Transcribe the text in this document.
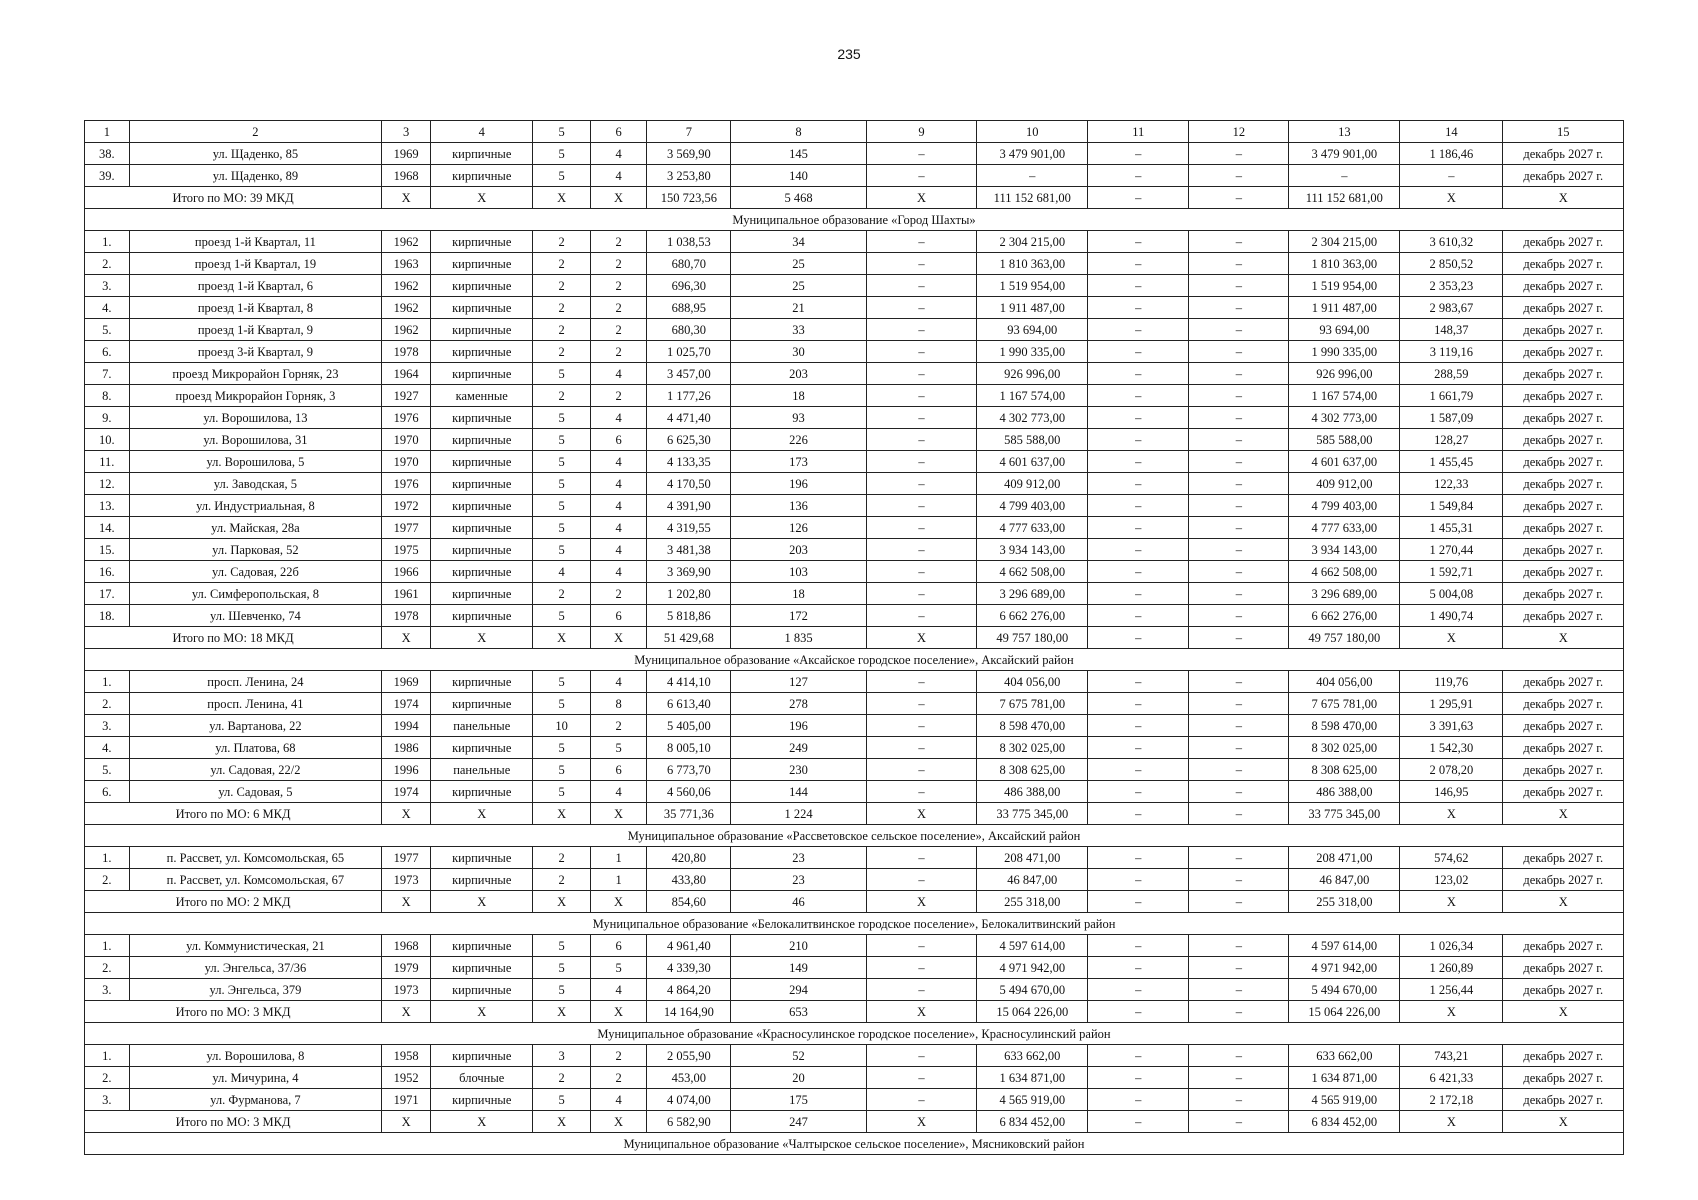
235
1	2	3	4	5	6	7	8	9	10	11	12	13	14	15
38.	ул. Щаденко, 85	1969	кирпичные	5	4	3 569,90	145	–	3 479 901,00	–	–	3 479 901,00	1 186,46	декабрь 2027 г.
39.	ул. Щаденко, 89	1968	кирпичные	5	4	3 253,80	140	–	–	–	–	–	–	декабрь 2027 г.
Итого по МО: 39 МКД		X	X	X	X	150 723,56	5 468	X	111 152 681,00	–	–	111 152 681,00	X	X
Муниципальное образование «Город Шахты»														
1.	проезд 1-й Квартал, 11	1962	кирпичные	2	2	1 038,53	34	–	2 304 215,00	–	–	2 304 215,00	3 610,32	декабрь 2027 г.
2.	проезд 1-й Квартал, 19	1963	кирпичные	2	2	680,70	25	–	1 810 363,00	–	–	1 810 363,00	2 850,52	декабрь 2027 г.
3.	проезд 1-й Квартал, 6	1962	кирпичные	2	2	696,30	25	–	1 519 954,00	–	–	1 519 954,00	2 353,23	декабрь 2027 г.
4.	проезд 1-й Квартал, 8	1962	кирпичные	2	2	688,95	21	–	1 911 487,00	–	–	1 911 487,00	2 983,67	декабрь 2027 г.
5.	проезд 1-й Квартал, 9	1962	кирпичные	2	2	680,30	33	–	93 694,00	–	–	93 694,00	148,37	декабрь 2027 г.
6.	проезд 3-й Квартал, 9	1978	кирпичные	2	2	1 025,70	30	–	1 990 335,00	–	–	1 990 335,00	3 119,16	декабрь 2027 г.
7.	проезд Микрорайон Горняк, 23	1964	кирпичные	5	4	3 457,00	203	–	926 996,00	–	–	926 996,00	288,59	декабрь 2027 г.
8.	проезд Микрорайон Горняк, 3	1927	каменные	2	2	1 177,26	18	–	1 167 574,00	–	–	1 167 574,00	1 661,79	декабрь 2027 г.
9.	ул. Ворошилова, 13	1976	кирпичные	5	4	4 471,40	93	–	4 302 773,00	–	–	4 302 773,00	1 587,09	декабрь 2027 г.
10.	ул. Ворошилова, 31	1970	кирпичные	5	6	6 625,30	226	–	585 588,00	–	–	585 588,00	128,27	декабрь 2027 г.
11.	ул. Ворошилова, 5	1970	кирпичные	5	4	4 133,35	173	–	4 601 637,00	–	–	4 601 637,00	1 455,45	декабрь 2027 г.
12.	ул. Заводская, 5	1976	кирпичные	5	4	4 170,50	196	–	409 912,00	–	–	409 912,00	122,33	декабрь 2027 г.
13.	ул. Индустриальная, 8	1972	кирпичные	5	4	4 391,90	136	–	4 799 403,00	–	–	4 799 403,00	1 549,84	декабрь 2027 г.
14.	ул. Майская, 28а	1977	кирпичные	5	4	4 319,55	126	–	4 777 633,00	–	–	4 777 633,00	1 455,31	декабрь 2027 г.
15.	ул. Парковая, 52	1975	кирпичные	5	4	3 481,38	203	–	3 934 143,00	–	–	3 934 143,00	1 270,44	декабрь 2027 г.
16.	ул. Садовая, 22б	1966	кирпичные	4	4	3 369,90	103	–	4 662 508,00	–	–	4 662 508,00	1 592,71	декабрь 2027 г.
17.	ул. Симферопольская, 8	1961	кирпичные	2	2	1 202,80	18	–	3 296 689,00	–	–	3 296 689,00	5 004,08	декабрь 2027 г.
18.	ул. Шевченко, 74	1978	кирпичные	5	6	5 818,86	172	–	6 662 276,00	–	–	6 662 276,00	1 490,74	декабрь 2027 г.
Итого по МО: 18 МКД		X	X	X	X	51 429,68	1 835	X	49 757 180,00	–	–	49 757 180,00	X	X
Муниципальное образование «Аксайское городское поселение», Аксайский район														
1.	просп. Ленина, 24	1969	кирпичные	5	4	4 414,10	127	–	404 056,00	–	–	404 056,00	119,76	декабрь 2027 г.
2.	просп. Ленина, 41	1974	кирпичные	5	8	6 613,40	278	–	7 675 781,00	–	–	7 675 781,00	1 295,91	декабрь 2027 г.
3.	ул. Вартанова, 22	1994	панельные	10	2	5 405,00	196	–	8 598 470,00	–	–	8 598 470,00	3 391,63	декабрь 2027 г.
4.	ул. Платова, 68	1986	кирпичные	5	5	8 005,10	249	–	8 302 025,00	–	–	8 302 025,00	1 542,30	декабрь 2027 г.
5.	ул. Садовая, 22/2	1996	панельные	5	6	6 773,70	230	–	8 308 625,00	–	–	8 308 625,00	2 078,20	декабрь 2027 г.
6.	ул. Садовая, 5	1974	кирпичные	5	4	4 560,06	144	–	486 388,00	–	–	486 388,00	146,95	декабрь 2027 г.
Итого по МО: 6 МКД		X	X	X	X	35 771,36	1 224	X	33 775 345,00	–	–	33 775 345,00	X	X
Муниципальное образование «Рассветовское сельское поселение», Аксайский район														
1.	п. Рассвет, ул. Комсомольская, 65	1977	кирпичные	2	1	420,80	23	–	208 471,00	–	–	208 471,00	574,62	декабрь 2027 г.
2.	п. Рассвет, ул. Комсомольская, 67	1973	кирпичные	2	1	433,80	23	–	46 847,00	–	–	46 847,00	123,02	декабрь 2027 г.
Итого по МО: 2 МКД		X	X	X	X	854,60	46	X	255 318,00	–	–	255 318,00	X	X
Муниципальное образование «Белокалитвинское городское поселение», Белокалитвинский район														
1.	ул. Коммунистическая, 21	1968	кирпичные	5	6	4 961,40	210	–	4 597 614,00	–	–	4 597 614,00	1 026,34	декабрь 2027 г.
2.	ул. Энгельса, 37/36	1979	кирпичные	5	5	4 339,30	149	–	4 971 942,00	–	–	4 971 942,00	1 260,89	декабрь 2027 г.
3.	ул. Энгельса, 379	1973	кирпичные	5	4	4 864,20	294	–	5 494 670,00	–	–	5 494 670,00	1 256,44	декабрь 2027 г.
Итого по МО: 3 МКД		X	X	X	X	14 164,90	653	X	15 064 226,00	–	–	15 064 226,00	X	X
Муниципальное образование «Красносулинское городское поселение», Красносулинский район														
1.	ул. Ворошилова, 8	1958	кирпичные	3	2	2 055,90	52	–	633 662,00	–	–	633 662,00	743,21	декабрь 2027 г.
2.	ул. Мичурина, 4	1952	блочные	2	2	453,00	20	–	1 634 871,00	–	–	1 634 871,00	6 421,33	декабрь 2027 г.
3.	ул. Фурманова, 7	1971	кирпичные	5	4	4 074,00	175	–	4 565 919,00	–	–	4 565 919,00	2 172,18	декабрь 2027 г.
Итого по МО: 3 МКД		X	X	X	X	6 582,90	247	X	6 834 452,00	–	–	6 834 452,00	X	X
Муниципальное образование «Чалтырское сельское поселение», Мясниковский район														
